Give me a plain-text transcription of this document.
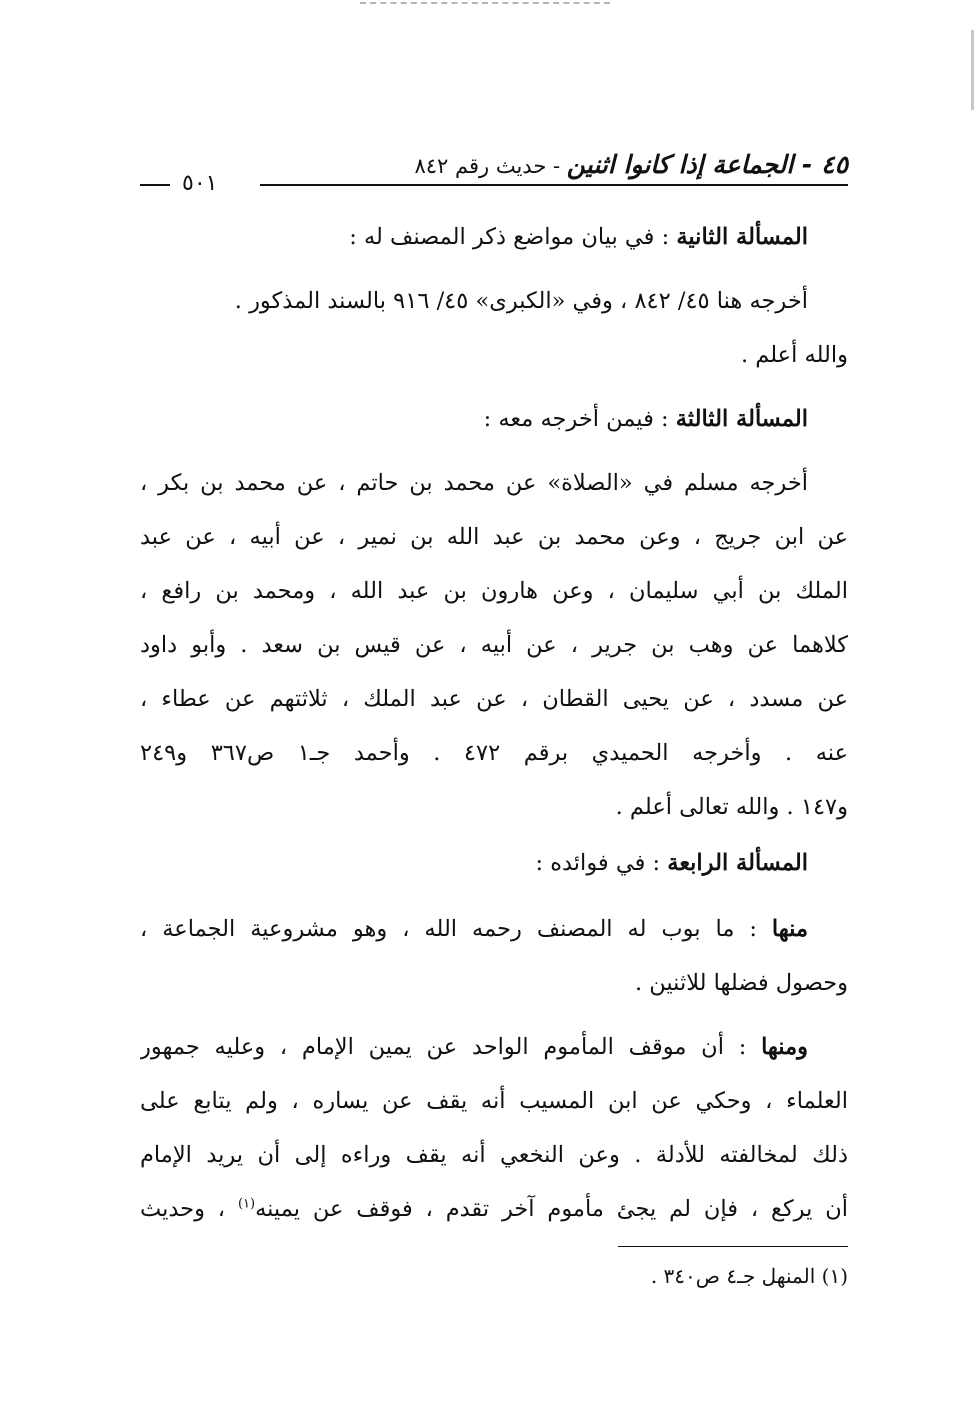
٤٥ - الجماعة إذا كانوا اثنين - حديث رقم ٨٤٢
٥٠١
المسألة الثانية : في بيان مواضع ذكر المصنف له :
أخرجه هنا ٤٥/ ٨٤٢ ، وفي «الكبرى» ٤٥/ ٩١٦ بالسند المذكور .
والله أعلم .
المسألة الثالثة : فيمن أخرجه معه :
أخرجه مسلم في «الصلاة» عن محمد بن حاتم ، عن محمد بن بكر ،
عن ابن جريج ، وعن محمد بن عبد الله بن نمير ، عن أبيه ، عن عبد
الملك بن أبي سليمان ، وعن هارون بن عبد الله ، ومحمد بن رافع ،
كلاهما عن وهب بن جرير ، عن أبيه ، عن قيس بن سعد . وأبو داود
عن مسدد ، عن يحيى القطان ، عن عبد الملك ، ثلاثتهم عن عطاء ،
عنه . وأخرجه الحميدي برقم ٤٧٢ . وأحمد جـ١ ص٣٦٧ و٢٤٩
و١٤٧ . والله تعالى أعلم .
المسألة الرابعة : في فوائده :
منها : ما بوب له المصنف رحمه الله ، وهو مشروعية الجماعة ،
وحصول فضلها للاثنين .
ومنها : أن موقف المأموم الواحد عن يمين الإمام ، وعليه جمهور
العلماء ، وحكي عن ابن المسيب أنه يقف عن يساره ، ولم يتابع على
ذلك لمخالفته للأدلة . وعن النخعي أنه يقف وراءه إلى أن يريد الإمام
أن يركع ، فإن لم يجئ مأموم آخر تقدم ، فوقف عن يمينه$^{(١)}$ ، وحديث
(١) المنهل جـ٤ ص٣٤٠ .
